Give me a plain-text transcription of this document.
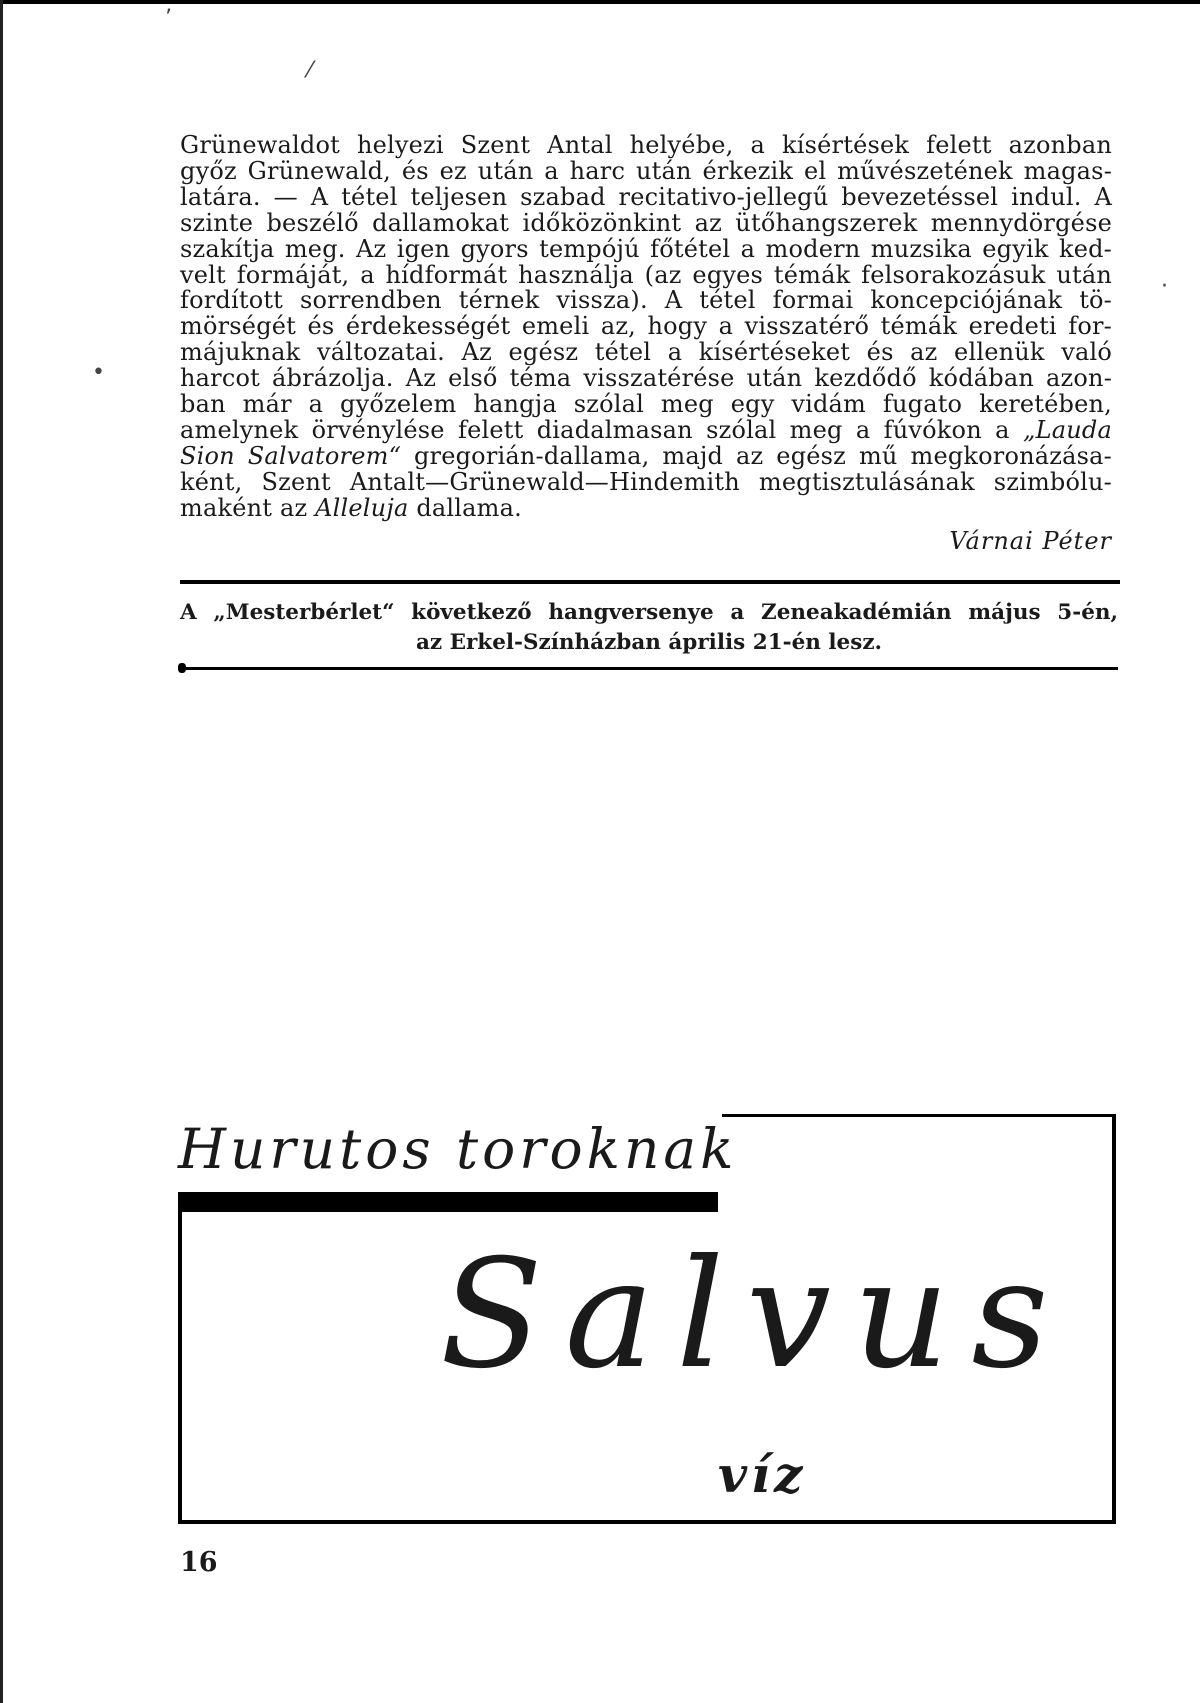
’
⁄
·
•
Grünewaldot helyezi Szent Antal helyébe, a kísértések felett azonban
győz Grünewald, és ez után a harc után érkezik el művészetének magas-
latára. — A tétel teljesen szabad recitativo-jellegű bevezetéssel indul. A
szinte beszélő dallamokat időközönkint az ütőhangszerek mennydörgése
szakítja meg. Az igen gyors tempójú főtétel a modern muzsika egyik ked-
velt formáját, a hídformát használja (az egyes témák felsorakozásuk után
fordított sorrendben térnek vissza). A tétel formai koncepciójának tö-
mörségét és érdekességét emeli az, hogy a visszatérő témák eredeti for-
májuknak változatai. Az egész tétel a kísértéseket és az ellenük való
harcot ábrázolja. Az első téma visszatérése után kezdődő kódában azon-
ban már a győzelem hangja szólal meg egy vidám fugato keretében,
amelynek örvénylése felett diadalmasan szólal meg a fúvókon a „Lauda
Sion Salvatorem“ gregorián-dallama, majd az egész mű megkoronázása-
ként, Szent Antalt—Grünewald—Hindemith megtisztulásának szimbólu-
maként az Alleluja dallama.
Várnai Péter
A „Mesterbérlet“ következő hangversenye a Zeneakadémián május 5-én,
az Erkel-Színházban április 21-én lesz.
Hurutos toroknak
Salvus
víz
16
